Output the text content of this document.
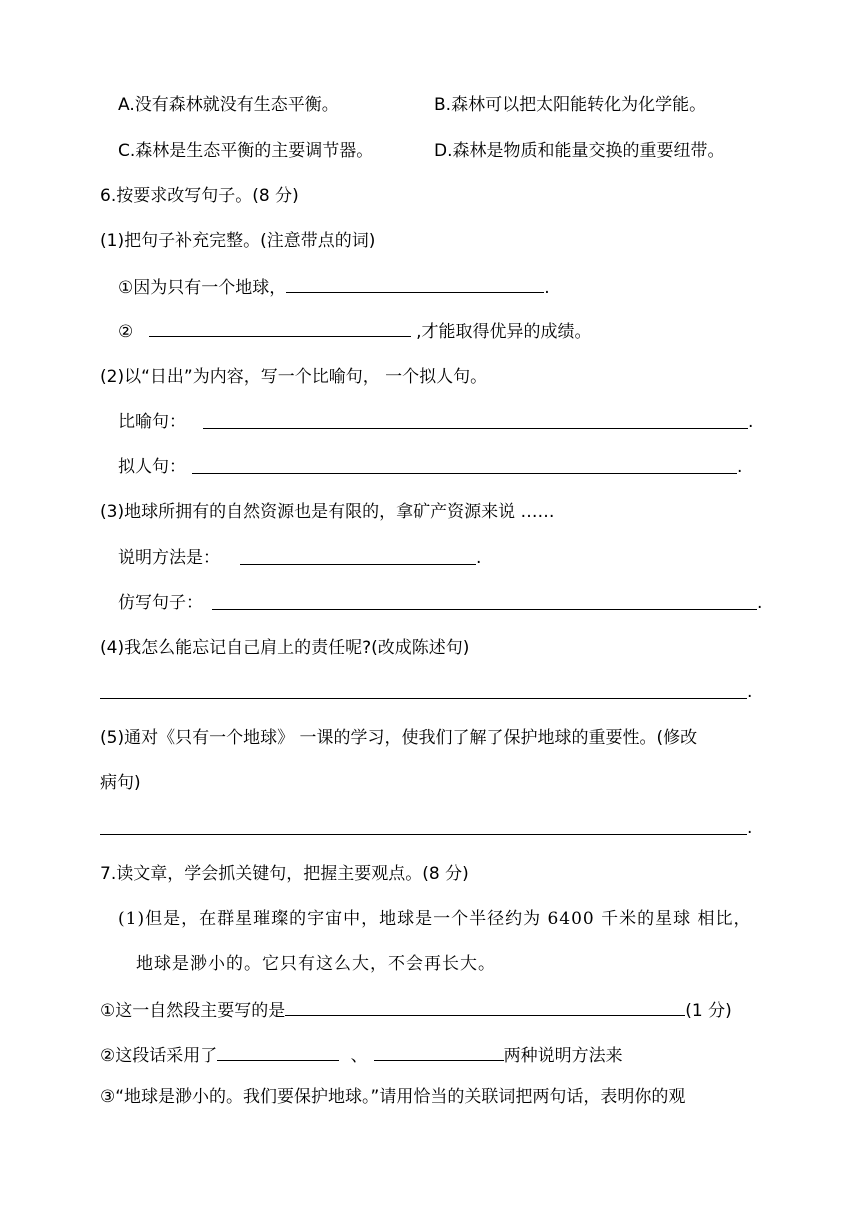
A.没有森林就没有生态平衡。	B.森林可以把太阳能转化为化学能。
C.森林是生态平衡的主要调节器。	D.森林是物质和能量交换的重要纽带。
6.按要求改写句子。(8 分)
(1)把句子补充完整。(注意带点的词)
①因为只有一个地球，	.
②	,才能取得优异的成绩。
(2)以“日出”为内容，写一个比喻句， 一个拟人句。
比喻句：	.
拟人句：	.
(3)地球所拥有的自然资源也是有限的，拿矿产资源来说 ……
说明方法是：	.
仿写句子：	.
(4)我怎么能忘记自己肩上的责任呢?(改成陈述句)
.
(5)通对《只有一个地球》 一课的学习，使我们了解了保护地球的重要性。(修改
病句)
.
7.读文章，学会抓关键句，把握主要观点。(8 分)
(1)但是，在群星璀璨的宇宙中，地球是一个半径约为 6400 千米的星球 相比，
地球是渺小的。它只有这么大，不会再长大。
①这一自然段主要写的是	(1 分)
②这段话采用了	、	两种说明方法来
③“地球是渺小的。我们要保护地球。”请用恰当的关联词把两句话，表明你的观
